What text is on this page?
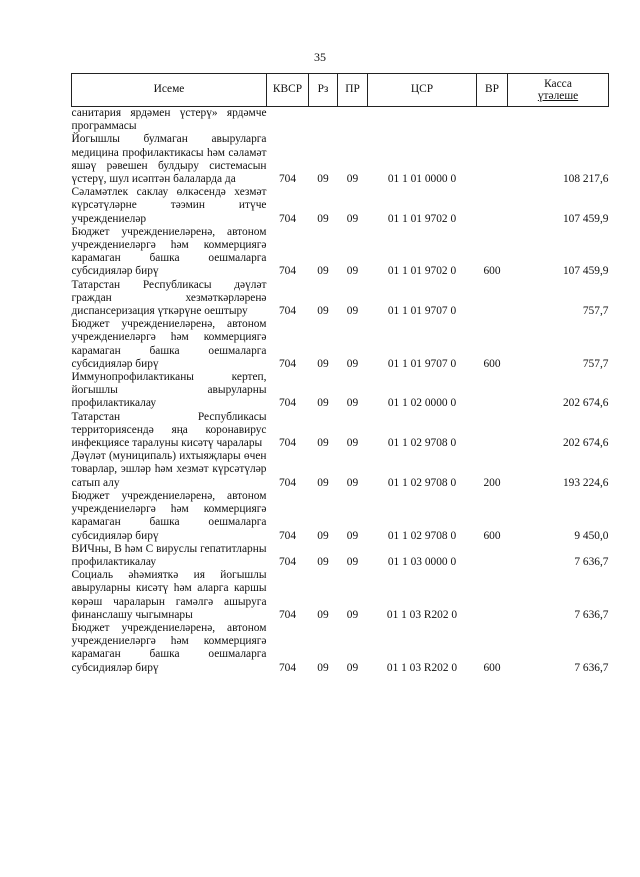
35
Исеме	КВСР	Рз	ПР	ЦСР	ВР	Касса
үтәлеше

санитария ярдәмен үстерү» ярдәмче программасы						
Йогышлы булмаган авыруларга медицина профилактикасы һәм сәламәт яшәү рәвешен булдыру системасын үстерү, шул исәптән балаларда да	704	09	09	01 1 01 0000 0		108 217,6
Сәламәтлек саклау өлкәсендә хезмәт күрсәтүләрне тәэмин итүче учреждениеләр	704	09	09	01 1 01 9702 0		107 459,9
Бюджет учреждениеләренә, автоном учреждениеләргә һәм коммерциягә карамаган башка оешмаларга субсидияләр бирү	704	09	09	01 1 01 9702 0	600	107 459,9
Татарстан Республикасы дәүләт граждан хезмәткәрләренә диспансеризация үткәрүне оештыру	704	09	09	01 1 01 9707 0		757,7
Бюджет учреждениеләренә, автоном учреждениеләргә һәм коммерциягә карамаган башка оешмаларга субсидияләр бирү	704	09	09	01 1 01 9707 0	600	757,7
Иммунопрофилактиканы кертеп, йогышлы авыруларны профилактикалау	704	09	09	01 1 02 0000 0		202 674,6
Татарстан Республикасы территориясендә яңа коронавирус инфекциясе таралуны кисәтү чаралары	704	09	09	01 1 02 9708 0		202 674,6
Дәүләт (муниципаль) ихтыяҗлары өчен товарлар, эшләр һәм хезмәт күрсәтүләр сатып алу	704	09	09	01 1 02 9708 0	200	193 224,6
Бюджет учреждениеләренә, автоном учреждениеләргә һәм коммерциягә карамаган башка оешмаларга субсидияләр бирү	704	09	09	01 1 02 9708 0	600	9 450,0
ВИЧны, В һәм С вируслы гепатитларны профилактикалау	704	09	09	01 1 03 0000 0		7 636,7
Социаль әһәмияткә ия йогышлы авыруларны кисәтү һәм аларга каршы көрәш чараларын гамәлгә ашыруга финанслашу чыгымнары	704	09	09	01 1 03 R202 0		7 636,7
Бюджет учреждениеләренә, автоном учреждениеләргә һәм коммерциягә карамаган башка оешмаларга субсидияләр бирү	704	09	09	01 1 03 R202 0	600	7 636,7
